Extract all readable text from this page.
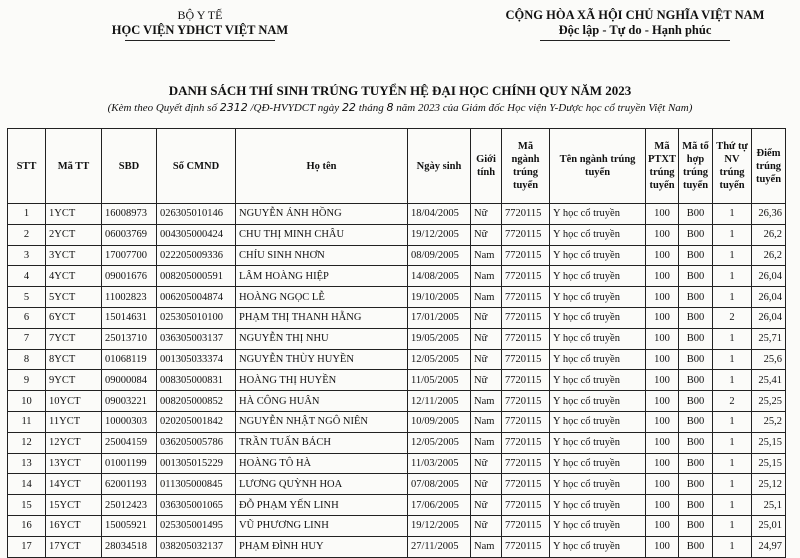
BỘ Y TẾ
HỌC VIỆN YDHCT VIỆT NAM
CỘNG HÒA XÃ HỘI CHỦ NGHĨA VIỆT NAM
Độc lập - Tự do - Hạnh phúc
DANH SÁCH THÍ SINH TRÚNG TUYỂN HỆ ĐẠI HỌC CHÍNH QUY NĂM 2023
(Kèm theo Quyết định số 2312 /QĐ-HVYDCT ngày 22 tháng 8 năm 2023 của Giám đốc Học viện Y-Dược học cổ truyền Việt Nam)
STT	Mã TT	SBD	Số CMND	Họ tên	Ngày sinh	Giới tính	Mã ngành trúng tuyển	Tên ngành trúng tuyển	Mã PTXT trúng tuyển	Mã tổ hợp trúng tuyển	Thứ tự NV trúng tuyển	Điểm trúng tuyển
1	1YCT	16008973	026305010146	NGUYỄN ÁNH HỒNG	18/04/2005	Nữ	7720115	Y học cổ truyền	100	B00	1	26,36
2	2YCT	06003769	004305000424	CHU THỊ MINH CHÂU	19/12/2005	Nữ	7720115	Y học cổ truyền	100	B00	1	26,2
3	3YCT	17007700	022205009336	CHÍU SINH NHƠN	08/09/2005	Nam	7720115	Y học cổ truyền	100	B00	1	26,2
4	4YCT	09001676	008205000591	LÂM HOÀNG HIỆP	14/08/2005	Nam	7720115	Y học cổ truyền	100	B00	1	26,04
5	5YCT	11002823	006205004874	HOÀNG NGỌC LỄ	19/10/2005	Nam	7720115	Y học cổ truyền	100	B00	1	26,04
6	6YCT	15014631	025305010100	PHẠM THỊ THANH HẰNG	17/01/2005	Nữ	7720115	Y học cổ truyền	100	B00	2	26,04
7	7YCT	25013710	036305003137	NGUYỄN THỊ NHU	19/05/2005	Nữ	7720115	Y học cổ truyền	100	B00	1	25,71
8	8YCT	01068119	001305033374	NGUYỄN THÙY HUYỀN	12/05/2005	Nữ	7720115	Y học cổ truyền	100	B00	1	25,6
9	9YCT	09000084	008305000831	HOÀNG THỊ HUYỀN	11/05/2005	Nữ	7720115	Y học cổ truyền	100	B00	1	25,41
10	10YCT	09003221	008205000852	HÀ CÔNG HUÂN	12/11/2005	Nam	7720115	Y học cổ truyền	100	B00	2	25,25
11	11YCT	10000303	020205001842	NGUYỄN NHẬT NGÔ NIÊN	10/09/2005	Nam	7720115	Y học cổ truyền	100	B00	1	25,2
12	12YCT	25004159	036205005786	TRẦN TUẤN BÁCH	12/05/2005	Nam	7720115	Y học cổ truyền	100	B00	1	25,15
13	13YCT	01001199	001305015229	HOÀNG TÔ HÀ	11/03/2005	Nữ	7720115	Y học cổ truyền	100	B00	1	25,15
14	14YCT	62001193	011305000845	LƯƠNG QUỲNH HOA	07/08/2005	Nữ	7720115	Y học cổ truyền	100	B00	1	25,12
15	15YCT	25012423	036305001065	ĐỖ PHẠM YẾN LINH	17/06/2005	Nữ	7720115	Y học cổ truyền	100	B00	1	25,1
16	16YCT	15005921	025305001495	VŨ PHƯƠNG LINH	19/12/2005	Nữ	7720115	Y học cổ truyền	100	B00	1	25,01
17	17YCT	28034518	038205032137	PHẠM ĐÌNH HUY	27/11/2005	Nam	7720115	Y học cổ truyền	100	B00	1	24,97
